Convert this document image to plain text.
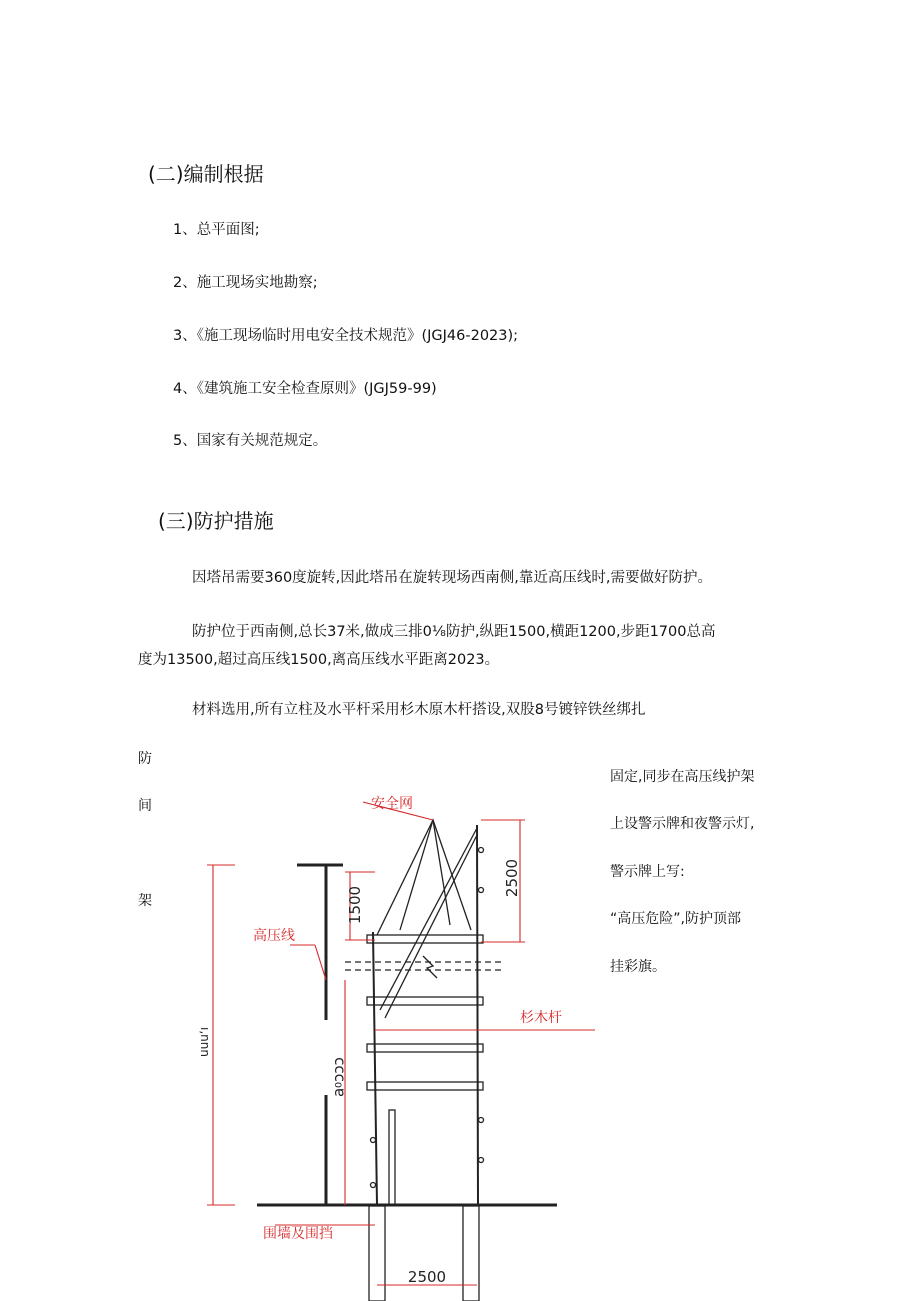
(二)编制根据
1、总平面图;
2、施工现场实地勘察;
3、《施工现场临时用电安全技术规范》(JGJ46-2023);
4、《建筑施工安全检查原则》(JGJ59-99)
5、国家有关规范规定。
(三)防护措施
因塔吊需要360度旋转,因此塔吊在旋转现场西南侧,靠近高压线时,需要做好防护。
防护位于西南侧,总长37米,做成三排0⅛防护,纵距1500,横距1200,步距1700总高
度为13500,超过高压线1500,离高压线水平距离2023。
材料选用,所有立柱及水平杆采用杉木原木杆搭设,双股8号镀锌铁丝绑扎
防
间
架
固定,同步在高压线护架
上设警示牌和夜警示灯,
警示牌上写:
“高压危险”,防护顶部
挂彩旗。
安全网
高压线
杉木杆
围墙及围挡
2500
1500
ccc₀ɐ
ı‚nnn
2500
